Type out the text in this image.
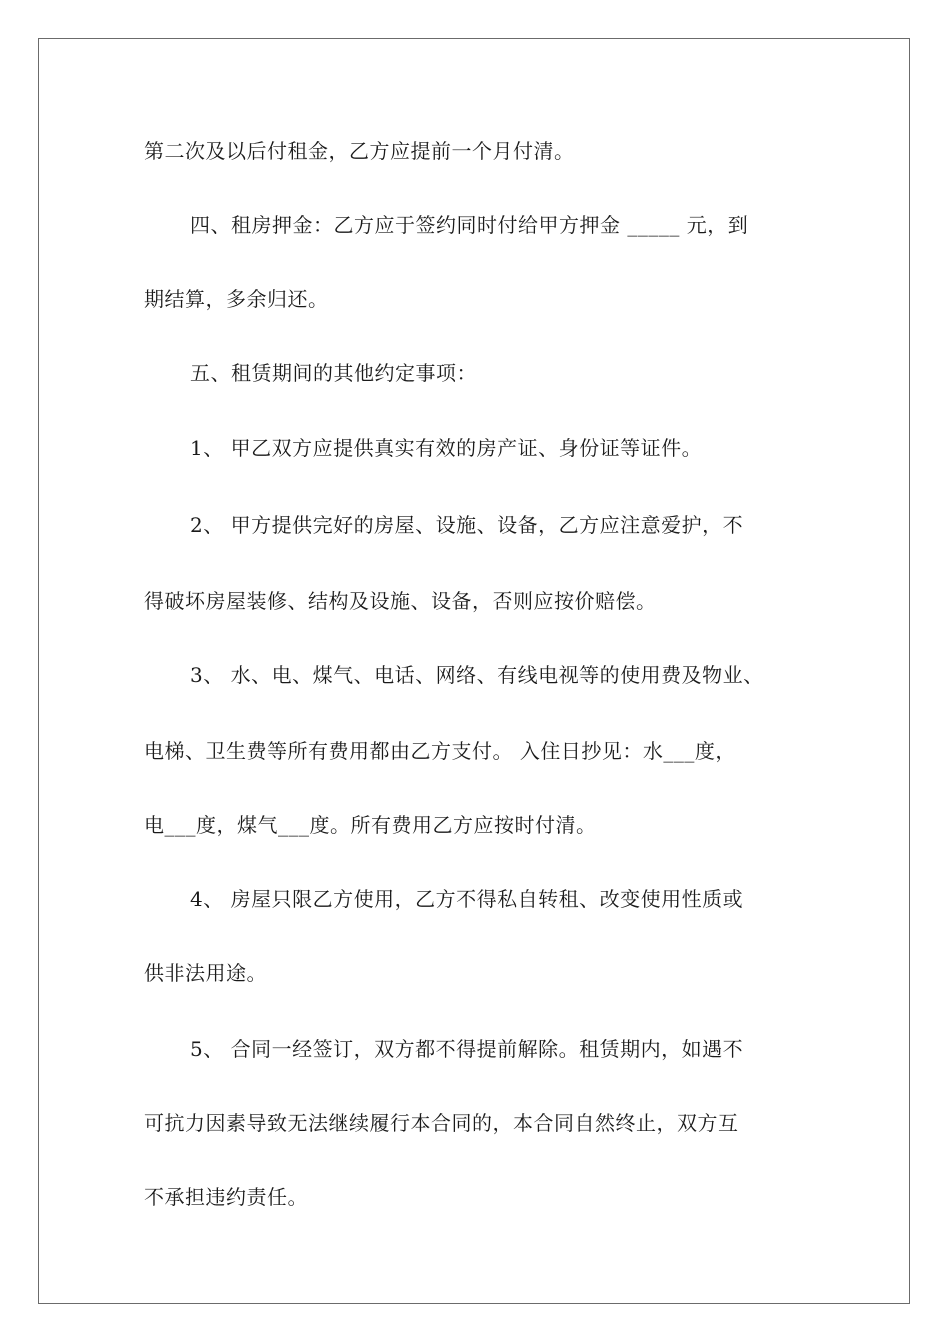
第二次及以后付租金，乙方应提前一个月付清。
四、租房押金：乙方应于签约同时付给甲方押金 _____ 元，到
期结算，多余归还。
五、租赁期间的其他约定事项：
1、 甲乙双方应提供真实有效的房产证、身份证等证件。
2、 甲方提供完好的房屋、设施、设备，乙方应注意爱护，不
得破坏房屋装修、结构及设施、设备，否则应按价赔偿。
3、 水、电、煤气、电话、网络、有线电视等的使用费及物业、
电梯、卫生费等所有费用都由乙方支付。 入住日抄见：水___度，
电___度，煤气___度。所有费用乙方应按时付清。
4、 房屋只限乙方使用，乙方不得私自转租、改变使用性质或
供非法用途。
5、 合同一经签订，双方都不得提前解除。租赁期内，如遇不
可抗力因素导致无法继续履行本合同的，本合同自然终止，双方互
不承担违约责任。
